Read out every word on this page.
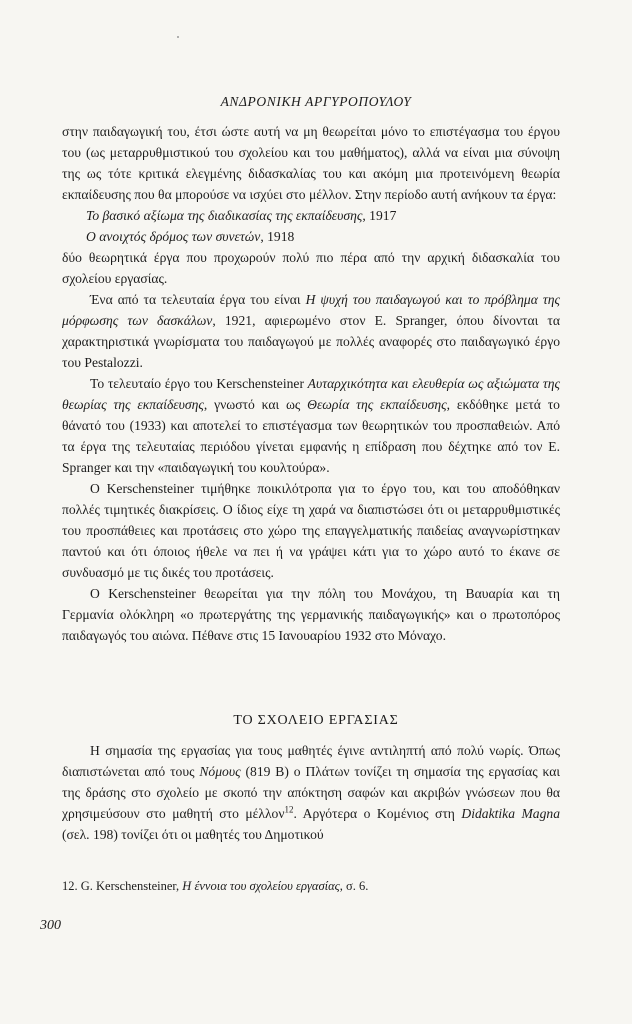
ΑΝΔΡΟΝΙΚΗ ΑΡΓΥΡΟΠΟΥΛΟΥ

στην παιδαγωγική του, έτσι ώστε αυτή να μη θεωρείται μόνο το επιστέγασμα του έργου του (ως μεταρρυθμιστικού του σχολείου και του μαθήματος), αλλά να είναι μια σύνοψη της ως τότε κριτικά ελεγμένης διδασκαλίας του και ακόμη μια προτεινόμενη θεωρία εκπαίδευσης που θα μπορούσε να ισχύει στο μέλλον. Στην περίοδο αυτή ανήκουν τα έργα:

Το βασικό αξίωμα της διαδικασίας της εκπαίδευσης, 1917

Ο ανοιχτός δρόμος των συνετών, 1918

δύο θεωρητικά έργα που προχωρούν πολύ πιο πέρα από την αρχική διδασκαλία του σχολείου εργασίας.

Ένα από τα τελευταία έργα του είναι Η ψυχή του παιδαγωγού και το πρόβλημα της μόρφωσης των δασκάλων, 1921, αφιερωμένο στον E. Spranger, όπου δίνονται τα χαρακτηριστικά γνωρίσματα του παιδαγωγού με πολλές αναφορές στο παιδαγωγικό έργο του Pestalozzi.

Το τελευταίο έργο του Kerschensteiner Αυταρχικότητα και ελευθερία ως αξιώματα της θεωρίας της εκπαίδευσης, γνωστό και ως Θεωρία της εκπαίδευσης, εκδόθηκε μετά το θάνατό του (1933) και αποτελεί το επιστέγασμα των θεωρητικών του προσπαθειών. Από τα έργα της τελευταίας περιόδου γίνεται εμφανής η επίδραση που δέχτηκε από τον E. Spranger και την «παιδαγωγική του κουλτούρα».

Ο Kerschensteiner τιμήθηκε ποικιλότροπα για το έργο του, και του αποδόθηκαν πολλές τιμητικές διακρίσεις. Ο ίδιος είχε τη χαρά να διαπιστώσει ότι οι μεταρρυθμιστικές του προσπάθειες και προτάσεις στο χώρο της επαγγελματικής παιδείας αναγνωρίστηκαν παντού και ότι όποιος ήθελε να πει ή να γράψει κάτι για το χώρο αυτό το έκανε σε συνδυασμό με τις δικές του προτάσεις.

Ο Kerschensteiner θεωρείται για την πόλη του Μονάχου, τη Βαυαρία και τη Γερμανία ολόκληρη «ο πρωτεργάτης της γερμανικής παιδαγωγικής» και ο πρωτοπόρος παιδαγωγός του αιώνα. Πέθανε στις 15 Ιανουαρίου 1932 στο Μόναχο.

ΤΟ ΣΧΟΛΕΙΟ ΕΡΓΑΣΙΑΣ

Η σημασία της εργασίας για τους μαθητές έγινε αντιληπτή από πολύ νωρίς. Όπως διαπιστώνεται από τους Νόμους (819 B) ο Πλάτων τονίζει τη σημασία της εργασίας και της δράσης στο σχολείο με σκοπό την απόκτηση σαφών και ακριβών γνώσεων που θα χρησιμεύσουν στο μαθητή στο μέλλον$^{12}$. Αργότερα ο Κομένιος στη Didaktika Magna (σελ. 198) τονίζει ότι οι μαθητές του Δημοτικού

12. G. Kerschensteiner, Η έννοια του σχολείου εργασίας, σ. 6.
300
